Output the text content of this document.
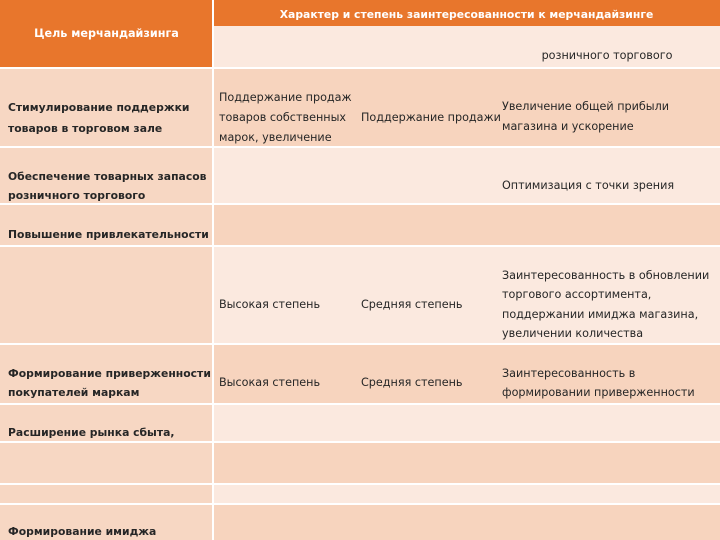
Цель мерчандайзинга
Характер и степень заинтересованности к мерчандайзинге

розничного торгового

Стимулирование поддержки
товаров в торговом зале

Поддержание продаж
товаров собственных
марок, увеличение

Поддержание продажи

Увеличение общей прибыли
магазина и ускорение

Обеспечение товарных запасов
розничного торгового

Оптимизация с точки зрения

Повышение привлекательности

Высокая степень	Средняя степень

Заинтересованность в обновлении
торгового ассортимента,
поддержании имиджа магазина,
увеличении количества

Формирование приверженности
покупателей маркам

Высокая степень	Средняя степень

Заинтересованность в
формировании приверженности

Расширение рынка сбыта,

Формирование имиджа
